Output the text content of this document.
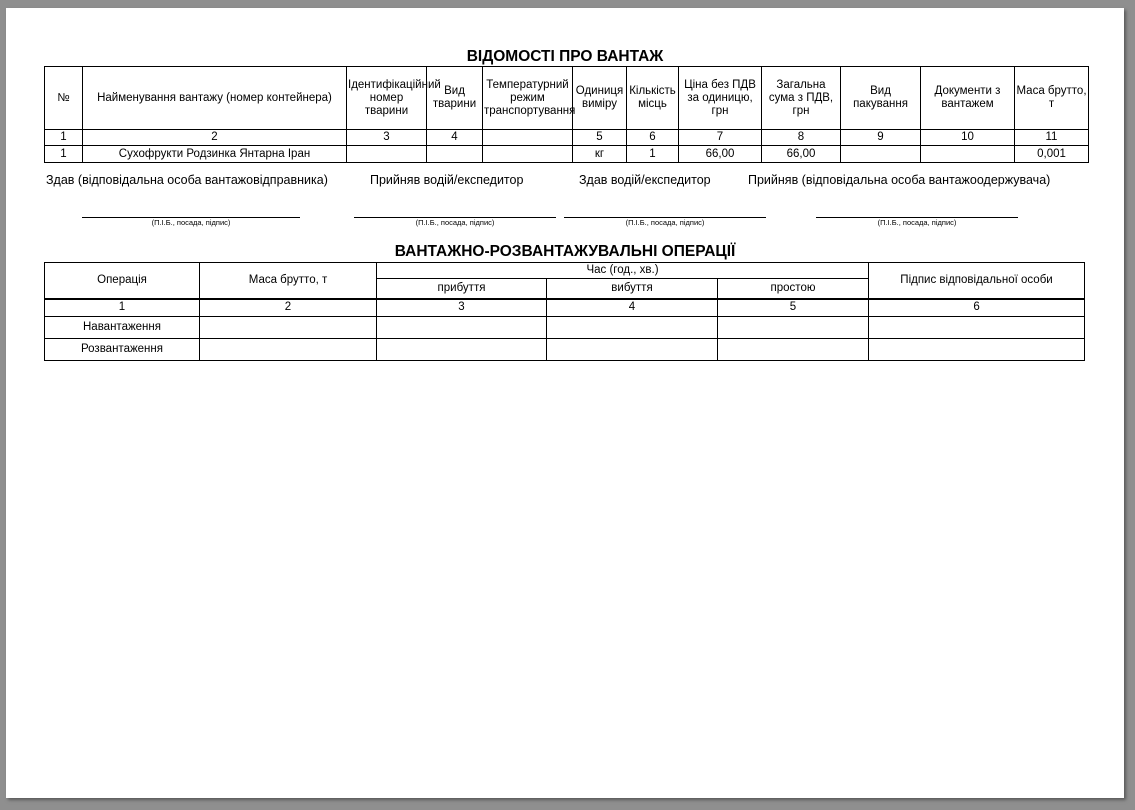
ВІДОМОСТІ ПРО ВАНТАЖ
№	Найменування вантажу (номер контейнера)	Ідентифікаційний номер тварини	Вид тварини	Температурний режим транспортування	Одиниця виміру	Кількість місць	Ціна без ПДВ за одиницю, грн	Загальна сума з ПДВ, грн	Вид пакування	Документи з вантажем	Маса брутто, т
1	2	3	4		5	6	7	8	9	10	11
1	Сухофрукти Родзинка Янтарна Іран				кг	1	66,00	66,00			0,001
Здав (відповідальна особа вантажовідправника)	Прийняв водій/експедитор	Здав водій/експедитор	Прийняв (відповідальна особа вантажоодержувача)
(П.І.Б., посада, підпис)	(П.І.Б., посада, підпис)	(П.І.Б., посада, підпис)	(П.І.Б., посада, підпис)
ВАНТАЖНО-РОЗВАНТАЖУВАЛЬНІ ОПЕРАЦІЇ
Операція	Маса брутто, т	Час (год., хв.)			Підпис відповідальної особи
		прибуття	вибуття	простою	
1	2	3	4	5	6
Навантаження					
Розвантаження					
